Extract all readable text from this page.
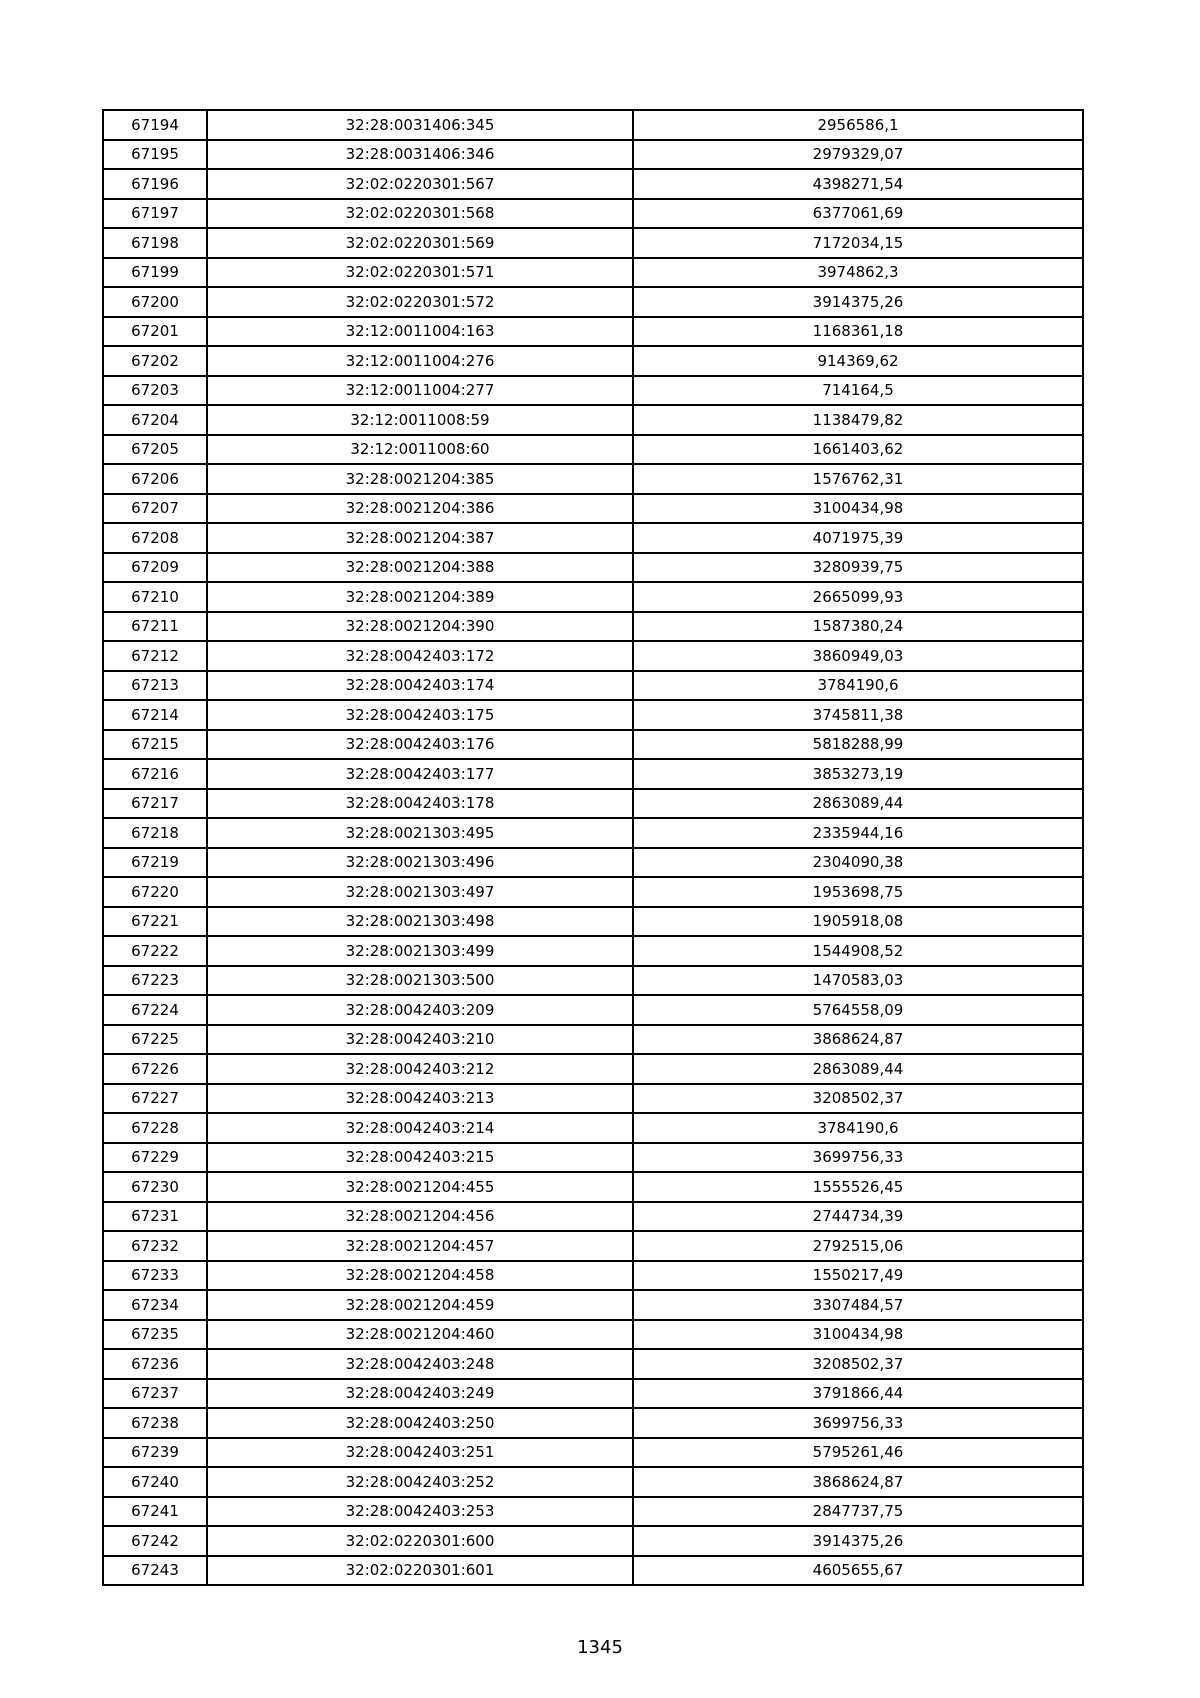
67194	32:28:0031406:345	2956586,1
67195	32:28:0031406:346	2979329,07
67196	32:02:0220301:567	4398271,54
67197	32:02:0220301:568	6377061,69
67198	32:02:0220301:569	7172034,15
67199	32:02:0220301:571	3974862,3
67200	32:02:0220301:572	3914375,26
67201	32:12:0011004:163	1168361,18
67202	32:12:0011004:276	914369,62
67203	32:12:0011004:277	714164,5
67204	32:12:0011008:59	1138479,82
67205	32:12:0011008:60	1661403,62
67206	32:28:0021204:385	1576762,31
67207	32:28:0021204:386	3100434,98
67208	32:28:0021204:387	4071975,39
67209	32:28:0021204:388	3280939,75
67210	32:28:0021204:389	2665099,93
67211	32:28:0021204:390	1587380,24
67212	32:28:0042403:172	3860949,03
67213	32:28:0042403:174	3784190,6
67214	32:28:0042403:175	3745811,38
67215	32:28:0042403:176	5818288,99
67216	32:28:0042403:177	3853273,19
67217	32:28:0042403:178	2863089,44
67218	32:28:0021303:495	2335944,16
67219	32:28:0021303:496	2304090,38
67220	32:28:0021303:497	1953698,75
67221	32:28:0021303:498	1905918,08
67222	32:28:0021303:499	1544908,52
67223	32:28:0021303:500	1470583,03
67224	32:28:0042403:209	5764558,09
67225	32:28:0042403:210	3868624,87
67226	32:28:0042403:212	2863089,44
67227	32:28:0042403:213	3208502,37
67228	32:28:0042403:214	3784190,6
67229	32:28:0042403:215	3699756,33
67230	32:28:0021204:455	1555526,45
67231	32:28:0021204:456	2744734,39
67232	32:28:0021204:457	2792515,06
67233	32:28:0021204:458	1550217,49
67234	32:28:0021204:459	3307484,57
67235	32:28:0021204:460	3100434,98
67236	32:28:0042403:248	3208502,37
67237	32:28:0042403:249	3791866,44
67238	32:28:0042403:250	3699756,33
67239	32:28:0042403:251	5795261,46
67240	32:28:0042403:252	3868624,87
67241	32:28:0042403:253	2847737,75
67242	32:02:0220301:600	3914375,26
67243	32:02:0220301:601	4605655,67
1345
